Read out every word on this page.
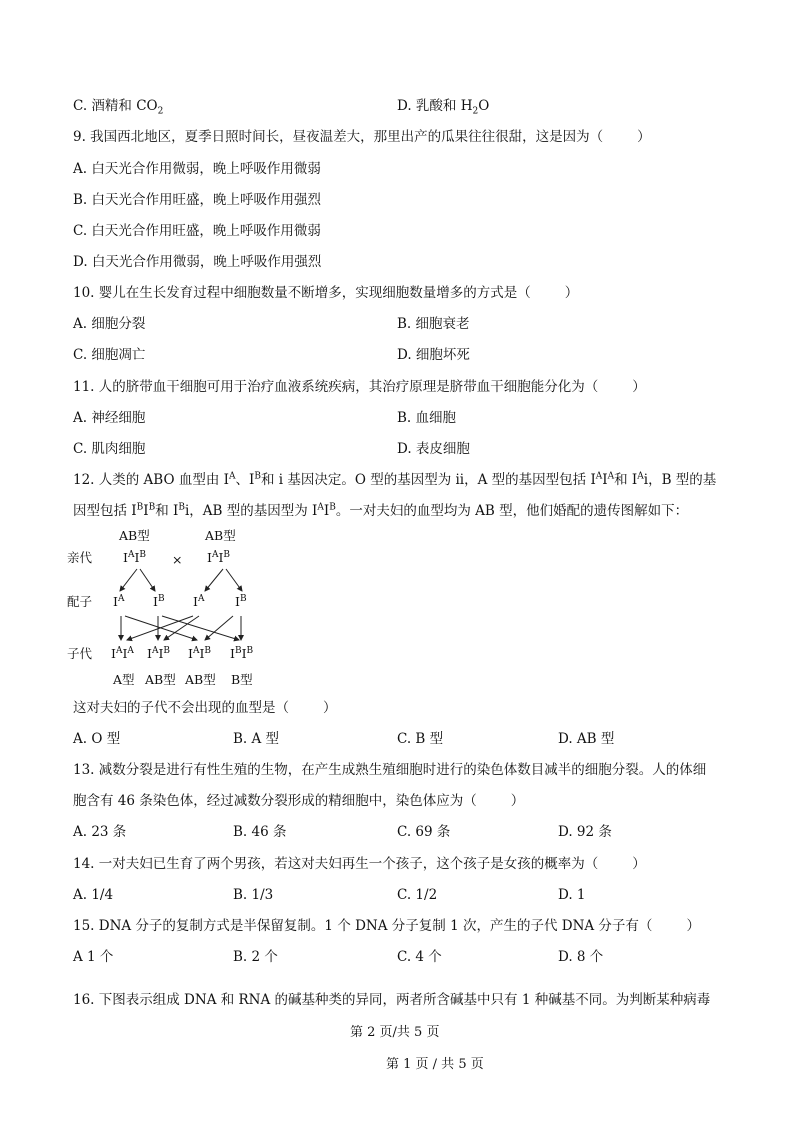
C. 酒精和 $CO_2$	D. 乳酸和 $H_2O$
9. 我国西北地区，夏季日照时间长，昼夜温差大，那里出产的瓜果往往很甜，这是因为（	）
A. 白天光合作用微弱，晚上呼吸作用微弱
B. 白天光合作用旺盛，晚上呼吸作用强烈
C. 白天光合作用旺盛，晚上呼吸作用微弱
D. 白天光合作用微弱，晚上呼吸作用强烈
10. 婴儿在生长发育过程中细胞数量不断增多，实现细胞数量增多的方式是（	）
A. 细胞分裂	B. 细胞衰老
C. 细胞凋亡	D. 细胞坏死
11. 人的脐带血干细胞可用于治疗血液系统疾病，其治疗原理是脐带血干细胞能分化为（	）
A. 神经细胞	B. 血细胞
C. 肌肉细胞	D. 表皮细胞
12. 人类的 ABO 血型由 $I^A$、$I^B$和 i 基因决定。O 型的基因型为 ii，A 型的基因型包括 $I^AI^A$和 $I^Ai$，B 型的基
因型包括 $I^BI^B$和 $I^Bi$，AB 型的基因型为 $I^AI^B$。一对夫妇的血型均为 AB 型，他们婚配的遗传图解如下：
AB型	AB型
亲代 $I^AI^B \times I^AI^B$
配子 $I^A$ $I^B$ $I^A$ $I^B$
子代 $I^AI^A$ $I^AI^B$ $I^AI^B$ $I^BI^B$
A型 AB型 AB型 B型
这对夫妇的子代不会出现的血型是（	）
A. O 型	B. A 型	C. B 型	D. AB 型
13. 减数分裂是进行有性生殖的生物，在产生成熟生殖细胞时进行的染色体数目减半的细胞分裂。人的体细
胞含有 46 条染色体，经过减数分裂形成的精细胞中，染色体应为（	）
A. 23 条	B. 46 条	C. 69 条	D. 92 条
14. 一对夫妇已生育了两个男孩，若这对夫妇再生一个孩子，这个孩子是女孩的概率为（	）
A. 1/4	B. 1/3	C. 1/2	D. 1
15. DNA 分子的复制方式是半保留复制。1 个 DNA 分子复制 1 次，产生的子代 DNA 分子有（	）
A 1 个	B. 2 个	C. 4 个	D. 8 个
16. 下图表示组成 DNA 和 RNA 的碱基种类的异同，两者所含碱基中只有 1 种碱基不同。为判断某种病毒
第 2 页/共 5 页
第 1 页 / 共 5 页
